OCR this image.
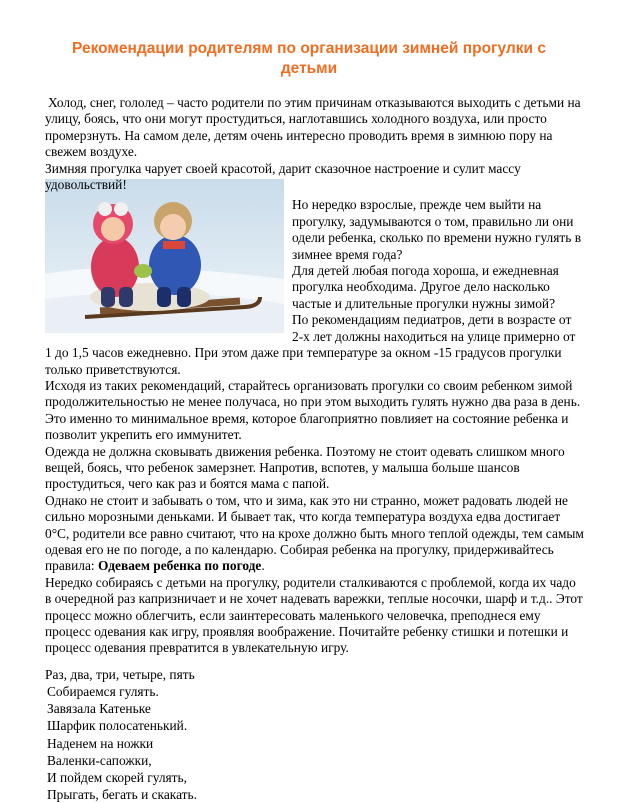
Рекомендации родителям по организации зимней прогулки с детьми

Холод, снег, гололед – часто родители по этим причинам отказываются выходить с детьми на улицу, боясь, что они могут простудиться, наглотавшись холодного воздуха, или просто промерзнуть. На самом деле, детям очень интересно проводить время в зимнюю пору на свежем воздухе.

Зимняя прогулка чарует своей красотой, дарит сказочное настроение и сулит массу удовольствий!

Но нередко взрослые, прежде чем выйти на прогулку, задумываются о том, правильно ли они одели ребенка, сколько по времени нужно гулять в зимнее время года?

Для детей любая погода хороша, и ежедневная прогулка необходима. Другое дело насколько частые и длительные прогулки нужны зимой?

По рекомендациям педиатров, дети в возрасте от 2-х лет должны находиться на улице примерно от 1 до 1,5 часов ежедневно. При этом даже при температуре за окном -15 градусов прогулки только приветствуются.

Исходя из таких рекомендаций, старайтесь организовать прогулки со своим ребенком зимой продолжительностью не менее получаса, но при этом выходить гулять нужно два раза в день. Это именно то минимальное время, которое благоприятно повлияет на состояние ребенка и позволит укрепить его иммунитет.

Одежда не должна сковывать движения ребенка. Поэтому не стоит одевать слишком много вещей, боясь, что ребенок замерзнет. Напротив, вспотев, у малыша больше шансов простудиться, чего как раз и боятся мама с папой.

Однако не стоит и забывать о том, что и зима, как это ни странно, может радовать людей не сильно морозными деньками. И бывает так, что когда температура воздуха едва достигает 0°С, родители все равно считают, что на крохе должно быть много теплой одежды, тем самым одевая его не по погоде, а по календарю. Собирая ребенка на прогулку, придерживайтесь правила: Одеваем ребенка по погоде.

Нередко собираясь с детьми на прогулку, родители сталкиваются с проблемой, когда их чадо в очередной раз капризничает и не хочет надевать варежки, теплые носочки, шарф и т.д.. Этот процесс можно облегчить, если заинтересовать маленького человечка, преподнеся ему процесс одевания как игру, проявляя воображение. Почитайте ребенку стишки и потешки и процесс одевания превратится в увлекательную игру.

Раз, два, три, четыре, пять

Собираемся гулять.

Завязала Катеньке

Шарфик полосатенький.

Наденем на ножки

Валенки-сапожки,

И пойдем скорей гулять,

Прыгать, бегать и скакать.
